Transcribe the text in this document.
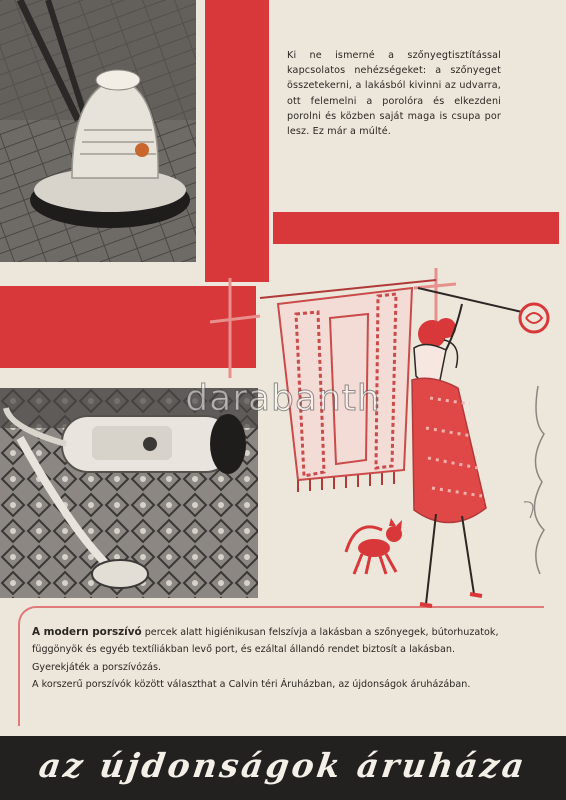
Ki ne ismerné a szőnyegtisztítással kapcsolatos nehézségeket: a szőnyeget összetekerni, a lakásból kivinni az udvarra, ott felemelni a porolóra és elkezdeni porolni és közben saját maga is csupa por lesz. Ez már a múlté.
darabanth

A modern porszívó percek alatt higiénikusan felszívja a lakásban a szőnyegek, bútorhuzatok, függönyök és egyéb textíliákban levő port, és ezáltal állandó rendet biztosít a lakásban. Gyerekjáték a porszívózás.

A korszerű porszívók között választhat a Calvin téri Áruházban, az újdonságok áruházában.

az újdonságok áruháza
